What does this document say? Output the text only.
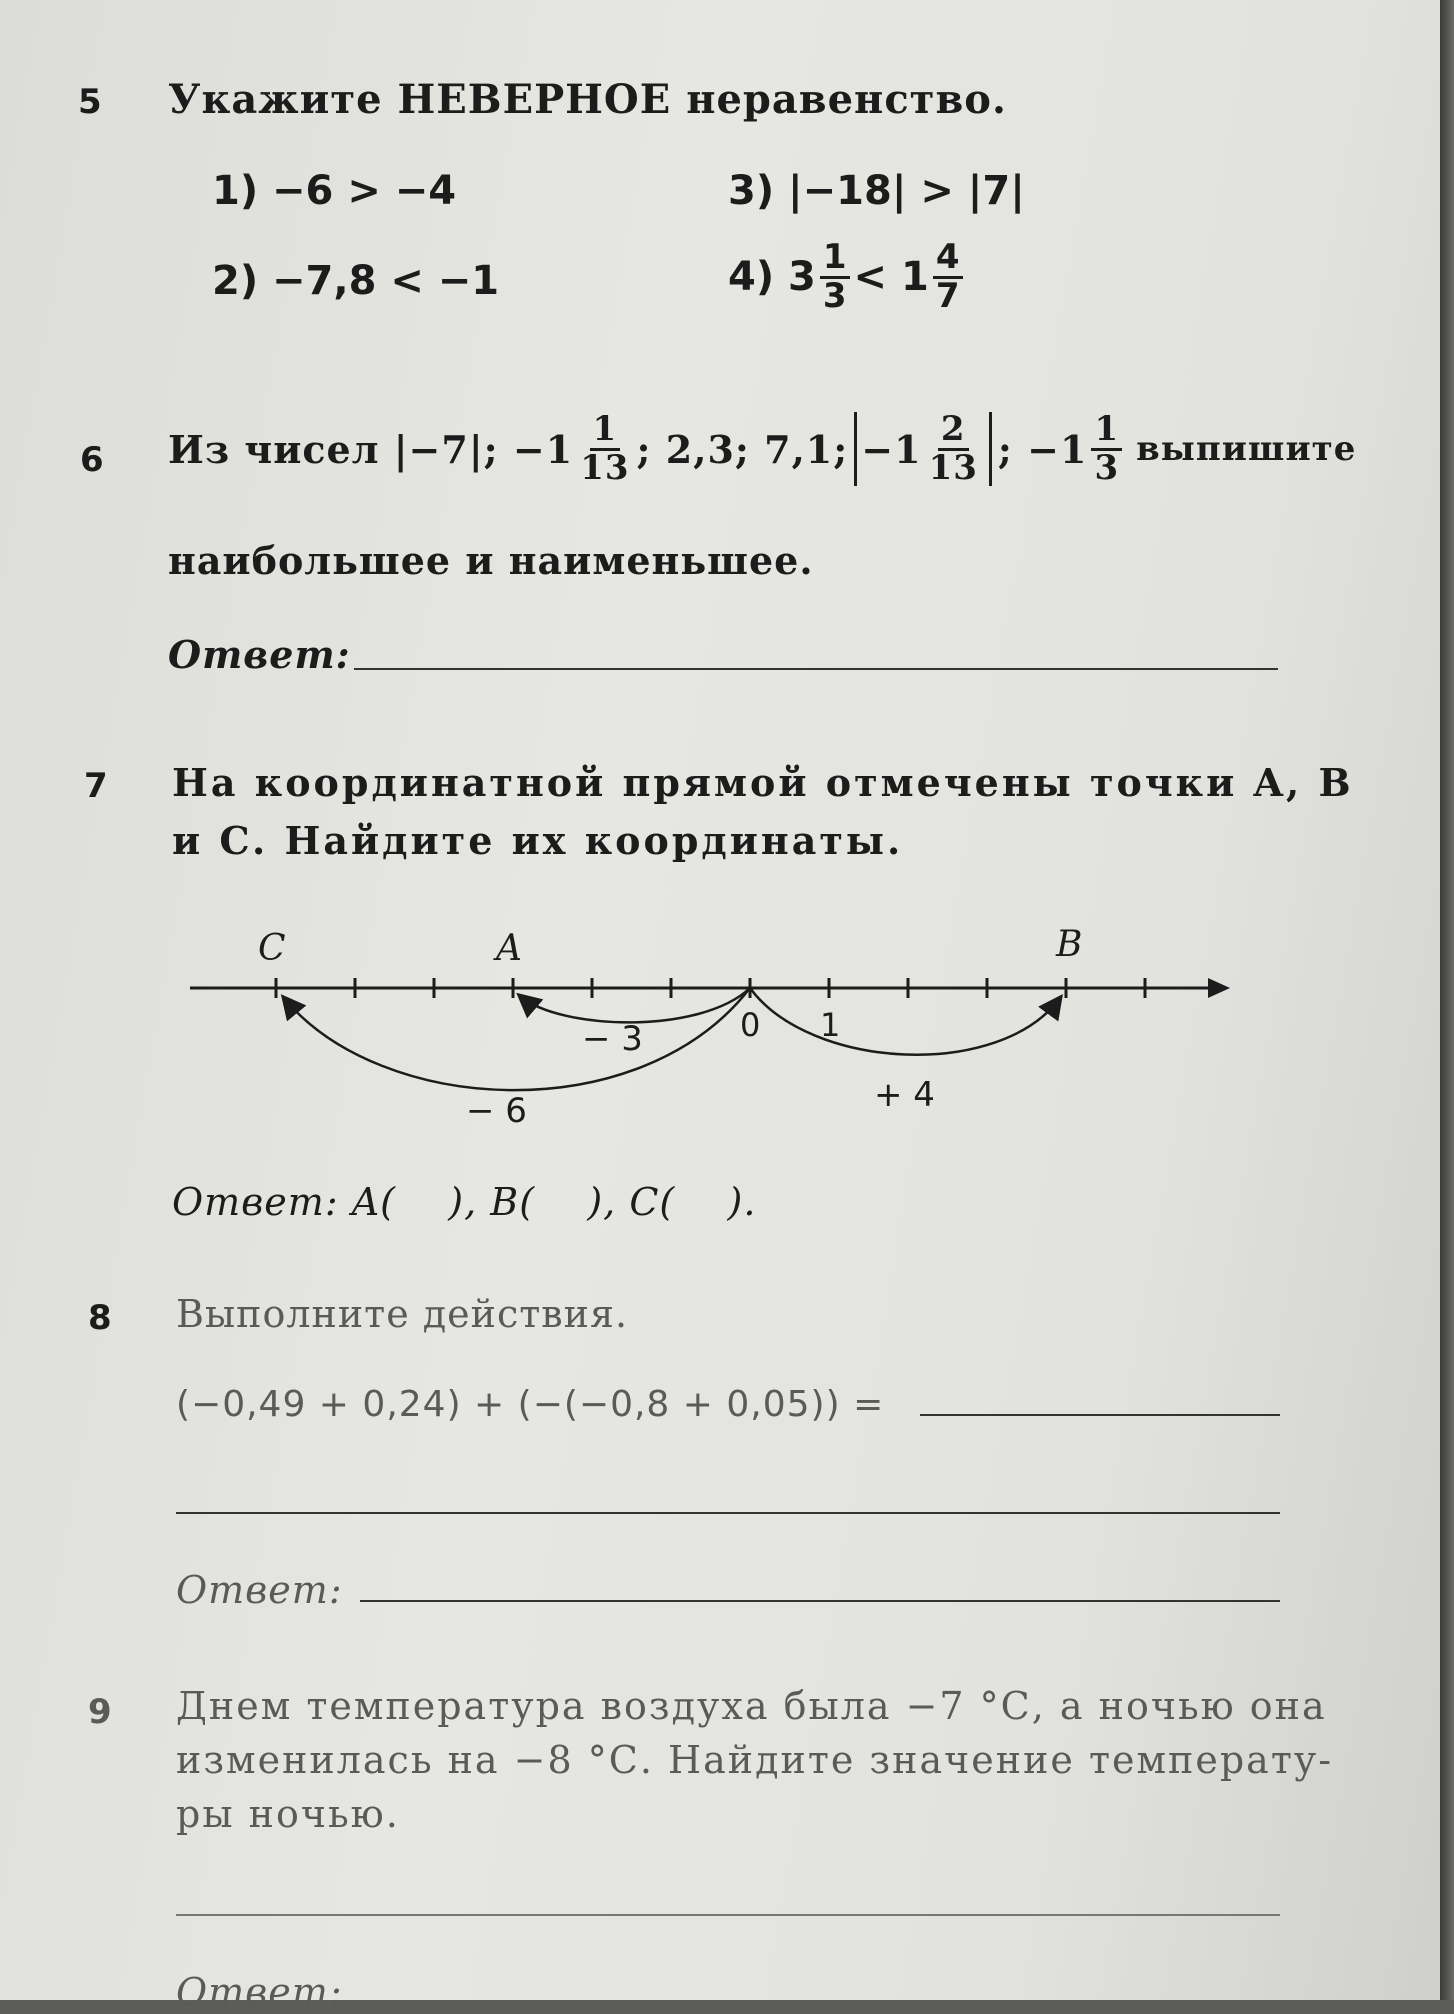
5 Укажите НЕВЕРНОЕ неравенство.
1) −6 > −4	3) |−18| > |7|
2) −7,8 < −1	4) $3 \frac{1}{3} < 1 \frac{4}{7}$
6 Из чисел |−7|; $-1 \frac{1}{13}$ ; 2,3; 7,1; $-1 \frac{2}{13}$ ; $-1 \frac{1}{3}$ выпишите
наибольшее и наименьшее.
Ответ:
7 На координатной прямой отмечены точки A, B
и C. Найдите их координаты.
C	A	B
0 1
− 3
− 6	+ 4
Ответ: A(    ), B(    ), C(    ).
8 Выполните действия.
(−0,49 + 0,24) + (−(−0,8 + 0,05)) =
Ответ:
9 Днем температура воздуха была −7 °С, а ночью она
изменилась на −8 °С. Найдите значение температу-
ры ночью.
Ответ:
